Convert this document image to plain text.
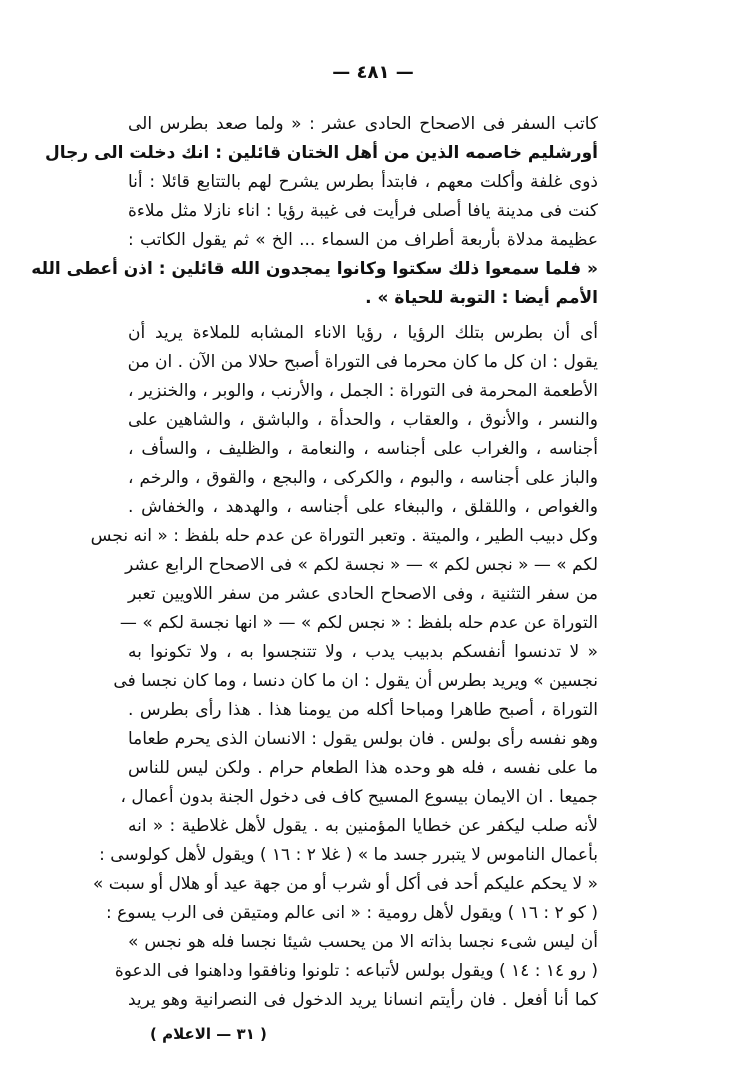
— ٤٨١ —
كاتب السفر فى الاصحاح الحادى عشر : « ولما صعد بطرس الى
أورشليم خاصمه الذين من أهل الختان قائلين : انك دخلت الى رجال
ذوى غلفة وأكلت معهم ، فابتدأ بطرس يشرح لهم بالتتابع قائلا : أنا
كنت فى مدينة يافا أصلى فرأيت فى غيبة رؤيا : اناء نازلا مثل ملاءة
عظيمة مدلاة بأربعة أطراف من السماء ... الخ » ثم يقول الكاتب :
« فلما سمعوا ذلك سكتوا وكانوا يمجدون الله قائلين : اذن أعطى الله
الأمم أيضا : التوبة للحياة » .
أى أن بطرس بتلك الرؤيا ، رؤيا الاناء المشابه للملاءة يريد أن
يقول : ان كل ما كان محرما فى التوراة أصبح حلالا من الآن . ان من
الأطعمة المحرمة فى التوراة : الجمل ، والأرنب ، والوبر ، والخنزير ،
والنسر ، والأنوق ، والعقاب ، والحدأة ، والباشق ، والشاهين على
أجناسه ، والغراب على أجناسه ، والنعامة ، والظليف ، والسأف ،
والباز على أجناسه ، والبوم ، والكركى ، والبجع ، والقوق ، والرخم ،
والغواص ، واللقلق ، والببغاء على أجناسه ، والهدهد ، والخفاش .
وكل دبيب الطير ، والميتة . وتعبر التوراة عن عدم حله بلفظ : « انه نجس
لكم » — « نجس لكم » — « نجسة لكم » فى الاصحاح الرابع عشر
من سفر التثنية ، وفى الاصحاح الحادى عشر من سفر اللاويين تعبر
التوراة عن عدم حله بلفظ : « نجس لكم » — « انها نجسة لكم » —
« لا تدنسوا أنفسكم بدبيب يدب ، ولا تتنجسوا به ، ولا تكونوا به
نجسين » ويريد بطرس أن يقول : ان ما كان دنسا ، وما كان نجسا فى
التوراة ، أصبح طاهرا ومباحا أكله من يومنا هذا . هذا رأى بطرس .
وهو نفسه رأى بولس . فان بولس يقول : الانسان الذى يحرم طعاما
ما على نفسه ، فله هو وحده هذا الطعام حرام . ولكن ليس للناس
جميعا . ان الايمان بيسوع المسيح كاف فى دخول الجنة بدون أعمال ،
لأنه صلب ليكفر عن خطايا المؤمنين به . يقول لأهل غلاطية : « انه
بأعمال الناموس لا يتبرر جسد ما » ( غلا ٢ : ١٦ ) ويقول لأهل كولوسى :
« لا يحكم عليكم أحد فى أكل أو شرب أو من جهة عيد أو هلال أو سبت »
( كو ٢ : ١٦ ) ويقول لأهل رومية : « انى عالم ومتيقن فى الرب يسوع :
أن ليس شىء نجسا بذاته الا من يحسب شيئا نجسا فله هو نجس »
( رو ١٤ : ١٤ ) ويقول بولس لأتباعه : تلونوا ونافقوا وداهنوا فى الدعوة
كما أنا أفعل . فان رأيتم انسانا يريد الدخول فى النصرانية وهو يريد
( ٣١ — الاعلام )
